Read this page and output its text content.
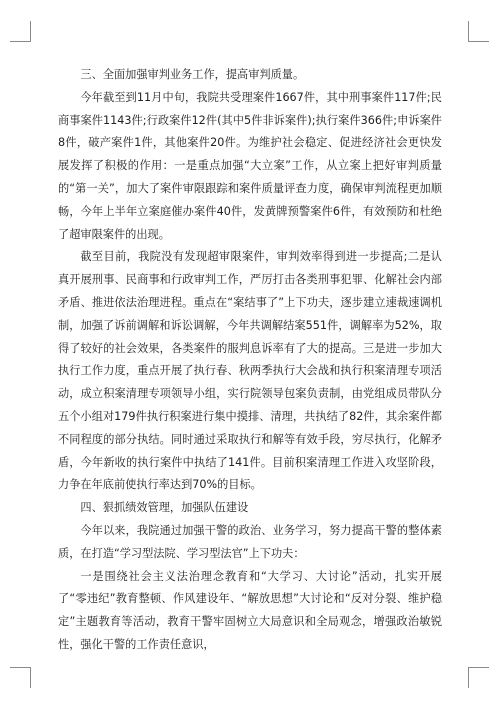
三、全面加强审判业务工作，提高审判质量。

今年截至到11月中旬，我院共受理案件1667件，其中刑事案件117件;民商事案件1143件;行政案件12件(其中5件非诉案件);执行案件366件;申诉案件8件，破产案件1件，其他案件20件。为维护社会稳定、促进经济社会更快发展发挥了积极的作用：一是重点加强“大立案”工作，从立案上把好审判质量的“第一关”，加大了案件审限跟踪和案件质量评查力度，确保审判流程更加顺畅，今年上半年立案庭催办案件40件，发黄牌预警案件6件，有效预防和杜绝了超审限案件的出现。

截至目前，我院没有发现超审限案件，审判效率得到进一步提高;二是认真开展刑事、民商事和行政审判工作，严厉打击各类刑事犯罪、化解社会内部矛盾、推进依法治理进程。重点在“案结事了”上下功夫，逐步建立速裁速调机制，加强了诉前调解和诉讼调解，今年共调解结案551件，调解率为52%，取得了较好的社会效果，各类案件的服判息诉率有了大的提高。三是进一步加大执行工作力度，重点开展了执行春、秋两季执行大会战和执行积案清理专项活动，成立积案清理专项领导小组，实行院领导包案负责制，由党组成员带队分五个小组对179件执行积案进行集中摸排、清理，共执结了82件，其余案件都不同程度的部分执结。同时通过采取执行和解等有效手段，穷尽执行，化解矛盾，今年新收的执行案件中执结了141件。目前积案清理工作进入攻坚阶段，力争在年底前使执行率达到70%的目标。

四、狠抓绩效管理，加强队伍建设

今年以来，我院通过加强干警的政治、业务学习，努力提高干警的整体素质，在打造“学习型法院、学习型法官”上下功夫：

一是围绕社会主义法治理念教育和“大学习、大讨论”活动，扎实开展了“零违纪”教育整顿、作风建设年、“解放思想”大讨论和“反对分裂、维护稳定”主题教育等活动，教育干警牢固树立大局意识和全局观念，增强政治敏锐性，强化干警的工作责任意识，
